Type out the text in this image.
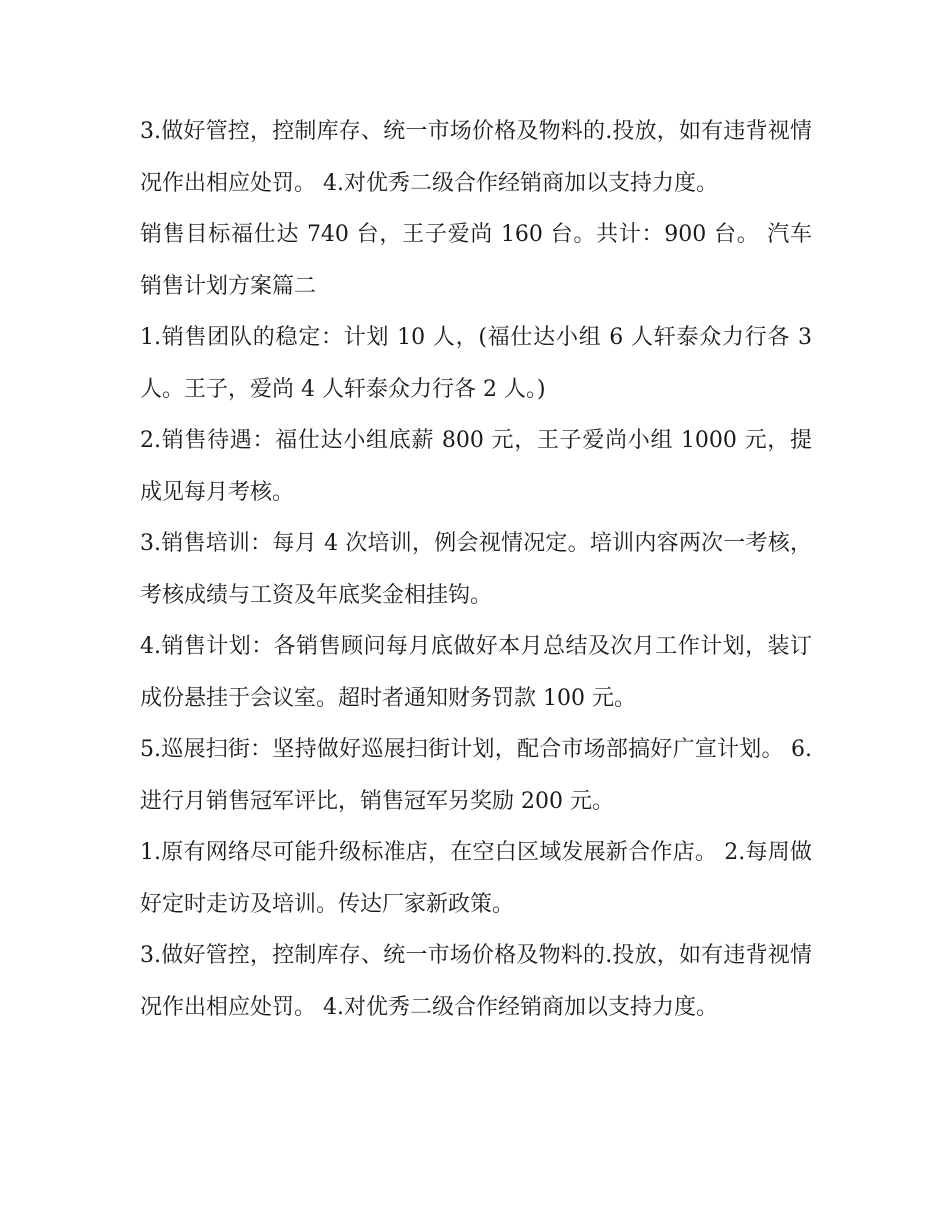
3.做好管控，控制库存、统一市场价格及物料的.投放，如有违背视情况作出相应处罚。 4.对优秀二级合作经销商加以支持力度。

销售目标福仕达 740 台，王子爱尚 160 台。共计：900 台。 汽车销售计划方案篇二

1.销售团队的稳定：计划 10 人，(福仕达小组 6 人轩泰众力行各 3 人。王子，爱尚 4 人轩泰众力行各 2 人。)

2.销售待遇：福仕达小组底薪 800 元，王子爱尚小组 1000 元，提成见每月考核。

3.销售培训：每月 4 次培训，例会视情况定。培训内容两次一考核，考核成绩与工资及年底奖金相挂钩。

4.销售计划：各销售顾问每月底做好本月总结及次月工作计划，装订成份悬挂于会议室。超时者通知财务罚款 100 元。

5.巡展扫街：坚持做好巡展扫街计划，配合市场部搞好广宣计划。 6.进行月销售冠军评比，销售冠军另奖励 200 元。

1.原有网络尽可能升级标准店，在空白区域发展新合作店。 2.每周做好定时走访及培训。传达厂家新政策。

3.做好管控，控制库存、统一市场价格及物料的.投放，如有违背视情况作出相应处罚。 4.对优秀二级合作经销商加以支持力度。
